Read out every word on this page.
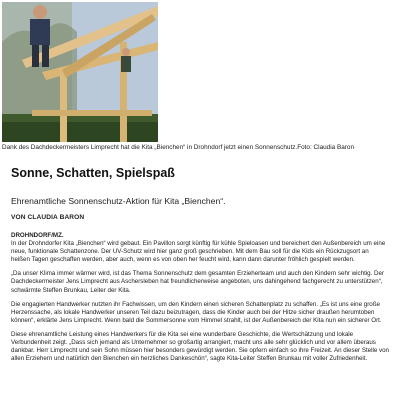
Dank des Dachdeckermeisters Limprecht hat die Kita „Bienchen“ in Drohndorf jetzt einen Sonnenschutz.Foto: Claudia Baron
Sonne, Schatten, Spielspaß
Ehrenamtliche Sonnenschutz-Aktion für Kita „Bienchen“.
VON CLAUDIA BARON
DROHNDORF/MZ.

In der Drohndorfer Kita „Bienchen“ wird gebaut. Ein Pavillon sorgt künftig für kühle Spieloasen und bereichert den Außenbereich um eine neue, funktionale Schattenzone. Der UV-Schutz wird hier ganz groß geschrieben. Mit dem Bau soll für die Kids ein Rückzugsort an heißen Tagen geschaffen werden, aber auch, wenn es von oben her feucht wird, kann dann darunter fröhlich gespielt werden.

„Da unser Klima immer wärmer wird, ist das Thema Sonnenschutz dem gesamten Erzieherteam und auch den Kindern sehr wichtig. Der Dachdeckermeister Jens Limprecht aus Aschersleben hat freundlicherweise angeboten, uns dahingehend fachgerecht zu unterstützen“, schwärmte Steffen Brunkau, Leiter der Kita.

Die engagierten Handwerker nutzten ihr Fachwissen, um den Kindern einen sicheren Schattenplatz zu schaffen. „Es ist uns eine große Herzenssache, als lokale Handwerker unseren Teil dazu beizutragen, dass die Kinder auch bei der Hitze sicher draußen herumtoben können“, erklärte Jens Limprecht. Wenn bald die Sommersonne vom Himmel strahlt, ist der Außenbereich der Kita nun ein sicherer Ort.

Diese ehrenamtliche Leistung eines Handwerkers für die Kita sei eine wunderbare Geschichte, die Wertschätzung und lokale Verbundenheit zeigt. „Dass sich jemand als Unternehmer so großartig arrangiert, macht uns alle sehr glücklich und vor allem überaus dankbar. Herr Limprecht und sein Sohn müssen hier besonders gewürdigt werden. Sie opfern einfach so ihre Freizeit. An dieser Stelle von allen Erziehern und natürlich den Bienchen ein herzliches Dankeschön“, sagte Kita-Leiter Steffen Brunkau mit voller Zufriedenheit.
